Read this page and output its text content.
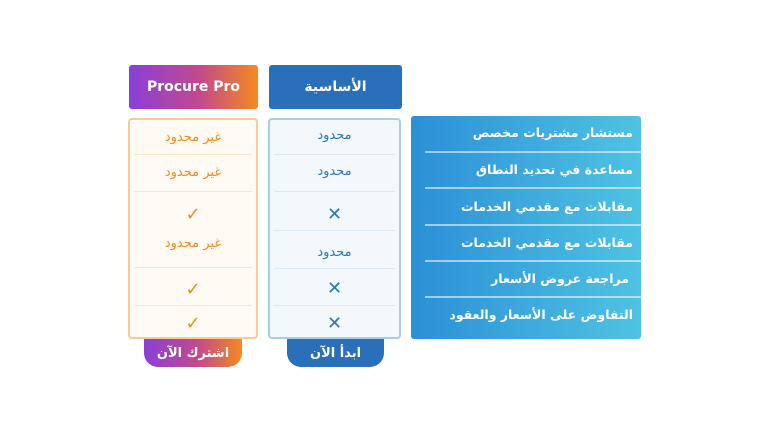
Procure Pro	الأساسية
غير محدود
غير محدود
✓
غير محدود
✓
✓
محدود
محدود
✕
محدود
✕
✕
مستشار مشتريات مخصص
مساعدة في تحديد النطاق
مقابلات مع مقدمي الخدمات
مقابلات مع مقدمي الخدمات
مراجعة عروض الأسعار
التفاوض على الأسعار والعقود
اشترك الآن	ابدأ الآن
